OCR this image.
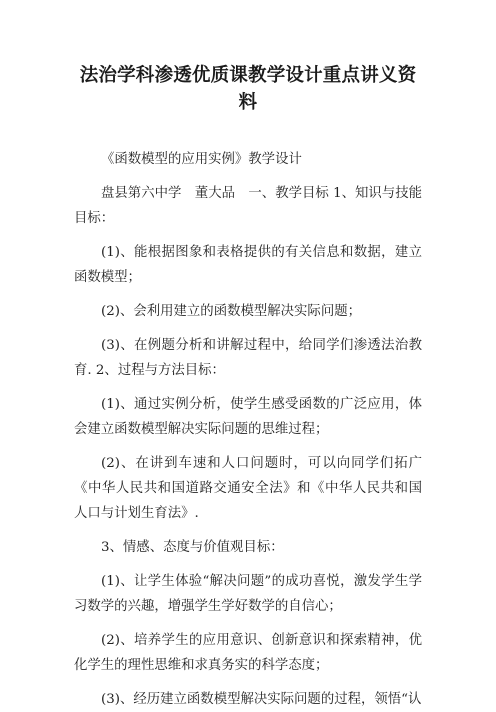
法治学科渗透优质课教学设计重点讲义资料

《函数模型的应用实例》教学设计

盘县第六中学　董大品　一、教学目标 1、知识与技能目标：

(1)、能根据图象和表格提供的有关信息和数据，建立函数模型；

(2)、会利用建立的函数模型解决实际问题；

(3)、在例题分析和讲解过程中，给同学们渗透法治教育. 2、过程与方法目标：

(1)、通过实例分析，使学生感受函数的广泛应用，体会建立函数模型解决实际问题的思维过程；

(2)、在讲到车速和人口问题时，可以向同学们拓广《中华人民共和国道路交通安全法》和《中华人民共和国人口与计划生育法》.

3、情感、态度与价值观目标：

(1)、让学生体验“解决问题”的成功喜悦，激发学生学习数学的兴趣，增强学生学好数学的自信心；

(2)、培养学生的应用意识、创新意识和探索精神，优化学生的理性思维和求真务实的科学态度；

(3)、经历建立函数模型解决实际问题的过程，领悟“认
